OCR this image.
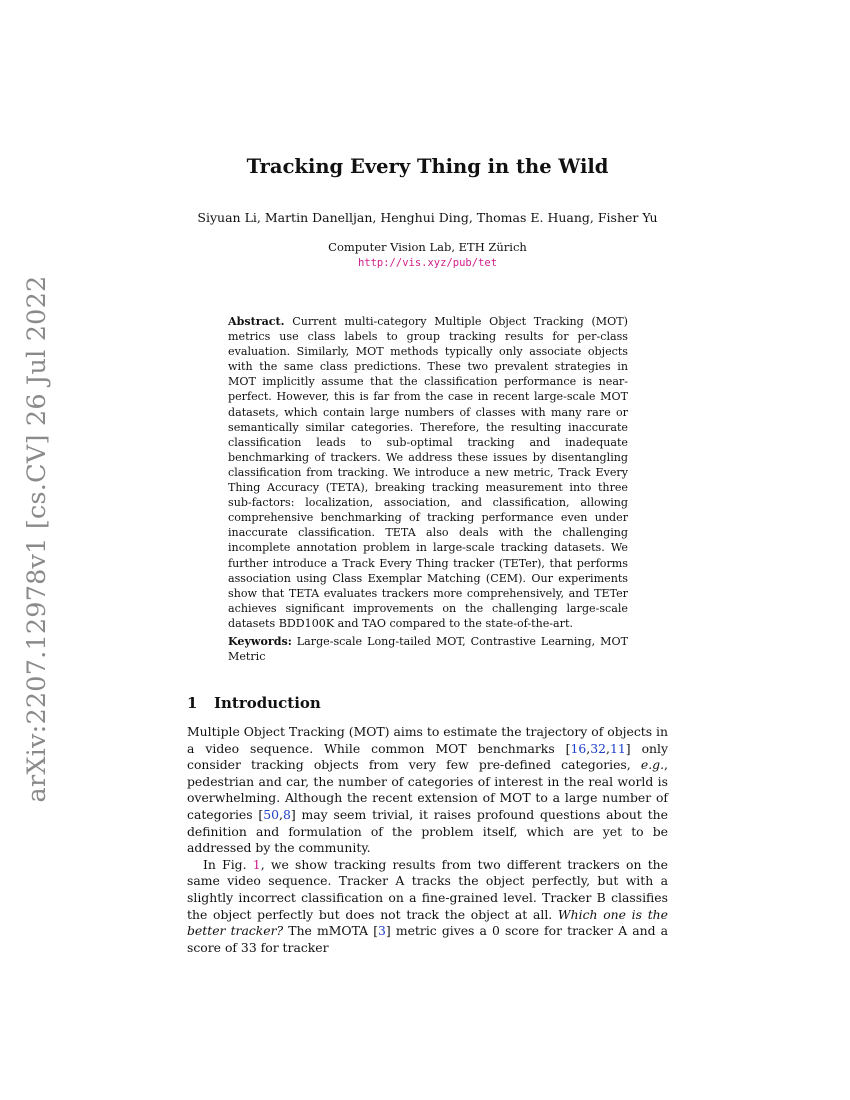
arXiv:2207.12978v1 [cs.CV] 26 Jul 2022
Tracking Every Thing in the Wild
Siyuan Li, Martin Danelljan, Henghui Ding, Thomas E. Huang, Fisher Yu
Computer Vision Lab, ETH Zürich
http://vis.xyz/pub/tet
Abstract. Current multi-category Multiple Object Tracking (MOT) metrics use class labels to group tracking results for per-class evaluation. Similarly, MOT methods typically only associate objects with the same class predictions. These two prevalent strategies in MOT implicitly assume that the classification performance is near-perfect. However, this is far from the case in recent large-scale MOT datasets, which contain large numbers of classes with many rare or semantically similar categories. Therefore, the resulting inaccurate classification leads to sub-optimal tracking and inadequate benchmarking of trackers. We address these issues by disentangling classification from tracking. We introduce a new metric, Track Every Thing Accuracy (TETA), breaking tracking measurement into three sub-factors: localization, association, and classification, allowing comprehensive benchmarking of tracking performance even under inaccurate classification. TETA also deals with the challenging incomplete annotation problem in large-scale tracking datasets. We further introduce a Track Every Thing tracker (TETer), that performs association using Class Exemplar Matching (CEM). Our experiments show that TETA evaluates trackers more comprehensively, and TETer achieves significant improvements on the challenging large-scale datasets BDD100K and TAO compared to the state-of-the-art.
Keywords: Large-scale Long-tailed MOT, Contrastive Learning, MOT Metric
1 Introduction

Multiple Object Tracking (MOT) aims to estimate the trajectory of objects in a video sequence. While common MOT benchmarks [16,32,11] only consider tracking objects from very few pre-defined categories, e.g., pedestrian and car, the number of categories of interest in the real world is overwhelming. Although the recent extension of MOT to a large number of categories [50,8] may seem trivial, it raises profound questions about the definition and formulation of the problem itself, which are yet to be addressed by the community.

In Fig. 1, we show tracking results from two different trackers on the same video sequence. Tracker A tracks the object perfectly, but with a slightly incorrect classification on a fine-grained level. Tracker B classifies the object perfectly but does not track the object at all. Which one is the better tracker? The mMOTA [3] metric gives a 0 score for tracker A and a score of 33 for tracker
